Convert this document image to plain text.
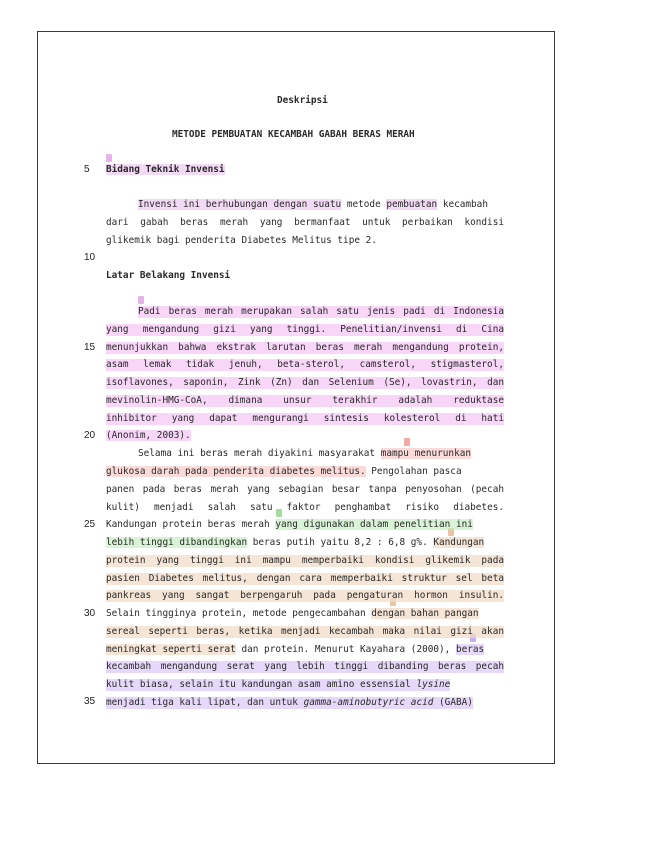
Deskripsi
METODE PEMBUATAN KECAMBAH GABAH BERAS MERAH
5
10
15
20
25
30
35
Bidang Teknik Invensi
Invensi ini berhubungan dengan suatu metode pembuatan kecambah
dari gabah beras merah yang bermanfaat untuk perbaikan kondisi
glikemik bagi penderita Diabetes Melitus tipe 2.
Latar Belakang Invensi
Padi beras merah merupakan salah satu jenis padi di Indonesia
yang mengandung gizi yang tinggi. Penelitian/invensi di Cina
menunjukkan bahwa ekstrak larutan beras merah mengandung protein,
asam lemak tidak jenuh, beta-sterol, camsterol, stigmasterol,
isoflavones, saponin, Zink (Zn) dan Selenium (Se), lovastrin, dan
mevinolin-HMG-CoA, dimana unsur terakhir adalah reduktase
inhibitor yang dapat mengurangi sintesis kolesterol di hati
(Anonim, 2003).
Selama ini beras merah diyakini masyarakat mampu menurunkan
glukosa darah pada penderita diabetes melitus. Pengolahan pasca
panen pada beras merah yang sebagian besar tanpa penyosohan (pecah
kulit) menjadi salah satu faktor penghambat risiko diabetes.
Kandungan protein beras merah yang digunakan dalam penelitian ini
lebih tinggi dibandingkan beras putih yaitu 8,2 : 6,8 g%. Kandungan
protein yang tinggi ini mampu memperbaiki kondisi glikemik pada
pasien Diabetes melitus, dengan cara memperbaiki struktur sel beta
pankreas yang sangat berpengaruh pada pengaturan hormon insulin.
Selain tingginya protein, metode pengecambahan dengan bahan pangan
sereal seperti beras, ketika menjadi kecambah maka nilai gizi akan
meningkat seperti serat dan protein. Menurut Kayahara (2000), beras
kecambah mengandung serat yang lebih tinggi dibanding beras pecah
kulit biasa, selain itu kandungan asam amino essensial lysine
menjadi tiga kali lipat, dan untuk gamma-aminobutyric acid (GABA)
